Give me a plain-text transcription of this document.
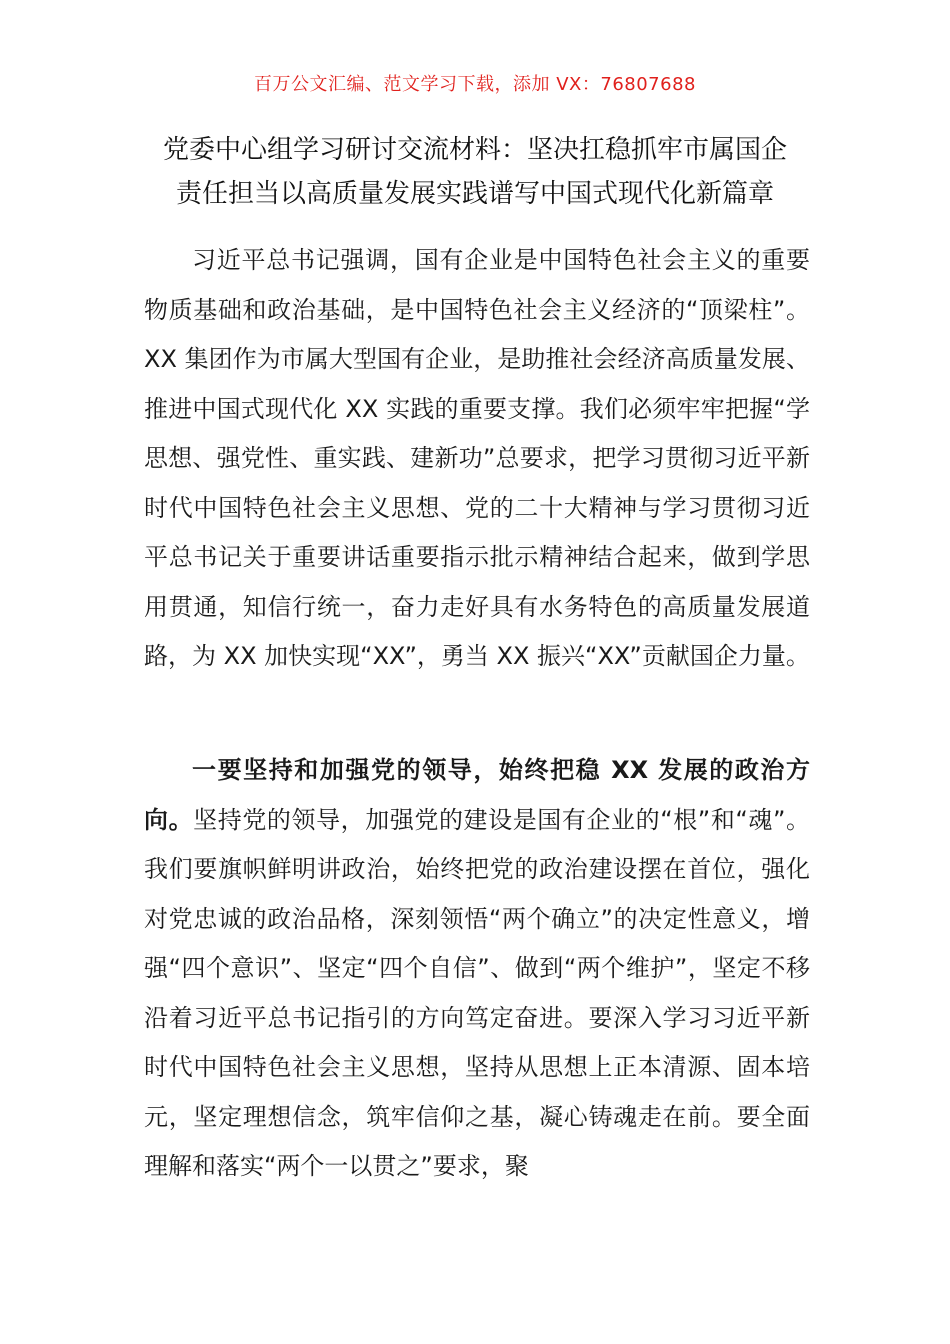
百万公文汇编、范文学习下载，添加 VX：76807688
党委中心组学习研讨交流材料：坚决扛稳抓牢市属国企
责任担当以高质量发展实践谱写中国式现代化新篇章

习近平总书记强调，国有企业是中国特色社会主义的重要物质基础和政治基础，是中国特色社会主义经济的“顶梁柱”。XX 集团作为市属大型国有企业，是助推社会经济高质量发展、推进中国式现代化 XX 实践的重要支撑。我们必须牢牢把握“学思想、强党性、重实践、建新功”总要求，把学习贯彻习近平新时代中国特色社会主义思想、党的二十大精神与学习贯彻习近平总书记关于重要讲话重要指示批示精神结合起来，做到学思用贯通，知信行统一，奋力走好具有水务特色的高质量发展道路，为 XX 加快实现“XX”，勇当 XX 振兴“XX”贡献国企力量。

一要坚持和加强党的领导，始终把稳 XX 发展的政治方向。坚持党的领导，加强党的建设是国有企业的“根”和“魂”。我们要旗帜鲜明讲政治，始终把党的政治建设摆在首位，强化对党忠诚的政治品格，深刻领悟“两个确立”的决定性意义，增强“四个意识”、坚定“四个自信”、做到“两个维护”，坚定不移沿着习近平总书记指引的方向笃定奋进。要深入学习习近平新时代中国特色社会主义思想，坚持从思想上正本清源、固本培元，坚定理想信念，筑牢信仰之基，凝心铸魂走在前。要全面理解和落实“两个一以贯之”要求，聚
